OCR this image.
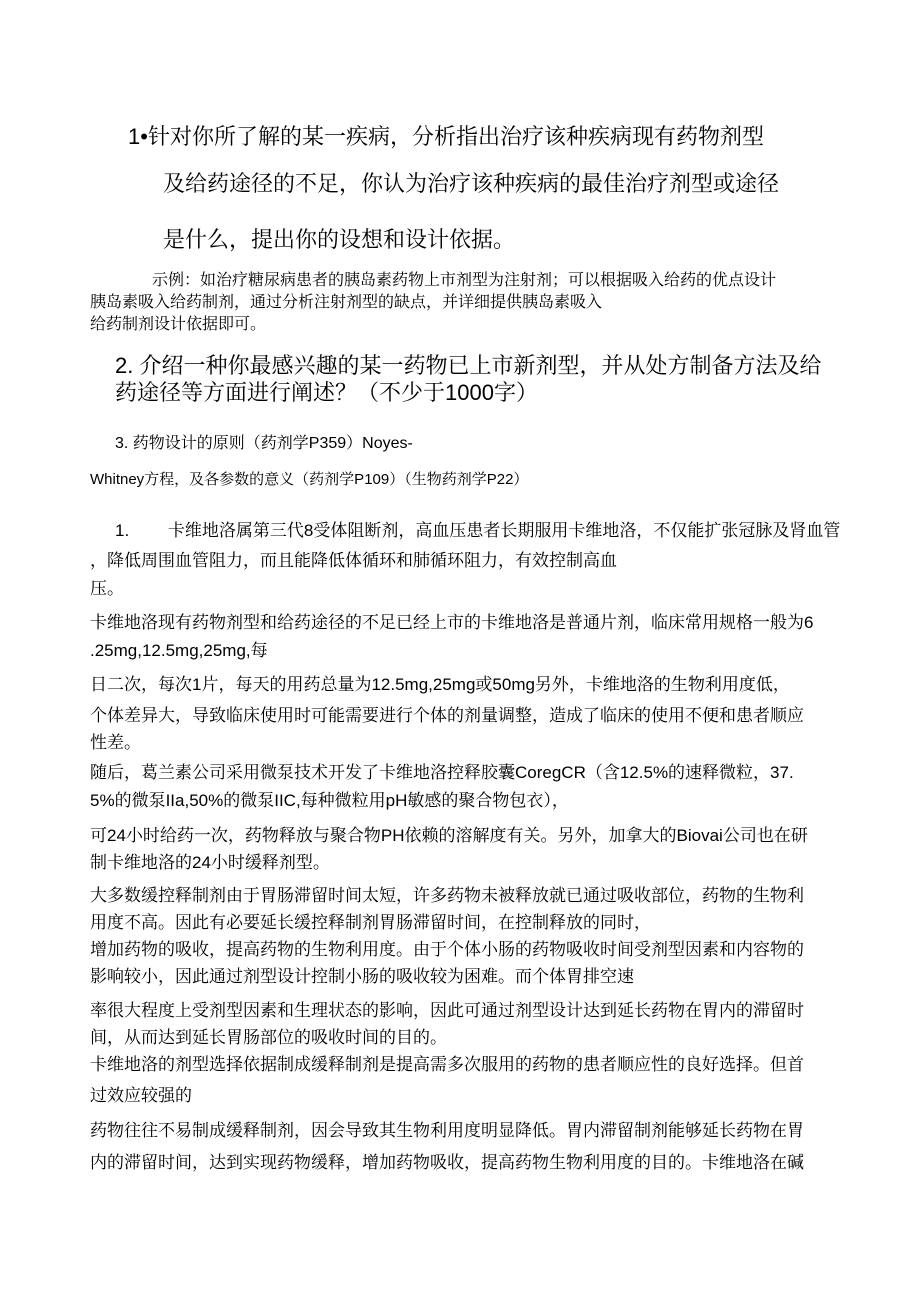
1•针对你所了解的某一疾病，分析指出治疗该种疾病现有药物剂型
及给药途径的不足，你认为治疗该种疾病的最佳治疗剂型或途径
是什么，提出你的设想和设计依据。
示例：如治疗糖尿病患者的胰岛素药物上市剂型为注射剂；可以根据吸入给药的优点设计
胰岛素吸入给药制剂，通过分析注射剂型的缺点，并详细提供胰岛素吸入
给药制剂设计依据即可。
2. 介绍一种你最感兴趣的某一药物已上市新剂型，并从处方制备方法及给
药途径等方面进行阐述？（不少于1000字）
3. 药物设计的原则（药剂学P359）Noyes-
Whitney方程，及各参数的意义（药剂学P109）（生物药剂学P22）
1.　　 卡维地洛属第三代8受体阻断剂，高血压患者长期服用卡维地洛，不仅能扩张冠脉及肾血管
，降低周围血管阻力，而且能降低体循环和肺循环阻力，有效控制高血
压。
卡维地洛现有药物剂型和给药途径的不足已经上市的卡维地洛是普通片剂，临床常用规格一般为6
.25mg,12.5mg,25mg,每
日二次，每次1片，每天的用药总量为12.5mg,25mg或50mg另外，卡维地洛的生物利用度低，
个体差异大，导致临床使用时可能需要进行个体的剂量调整，造成了临床的使用不便和患者顺应
性差。
随后，葛兰素公司采用微泵技术开发了卡维地洛控释胶囊CoregCR（含12.5%的速释微粒，37.
5%的微泵IIa,50%的微泵IIC,每种微粒用pH敏感的聚合物包衣），
可24小时给药一次，药物释放与聚合物PH依赖的溶解度有关。另外，加拿大的Biovai公司也在研
制卡维地洛的24小时缓释剂型。
大多数缓控释制剂由于胃肠滞留时间太短，许多药物未被释放就已通过吸收部位，药物的生物利
用度不高。因此有必要延长缓控释制剂胃肠滞留时间，在控制释放的同时，
增加药物的吸收，提高药物的生物利用度。由于个体小肠的药物吸收时间受剂型因素和内容物的
影响较小，因此通过剂型设计控制小肠的吸收较为困难。而个体胃排空速
率很大程度上受剂型因素和生理状态的影响，因此可通过剂型设计达到延长药物在胃内的滞留时
间，从而达到延长胃肠部位的吸收时间的目的。
卡维地洛的剂型选择依据制成缓释制剂是提高需多次服用的药物的患者顺应性的良好选择。但首
过效应较强的
药物往往不易制成缓释制剂，因会导致其生物利用度明显降低。胃内滞留制剂能够延长药物在胃
内的滞留时间，达到实现药物缓释，增加药物吸收，提高药物生物利用度的目的。卡维地洛在碱
